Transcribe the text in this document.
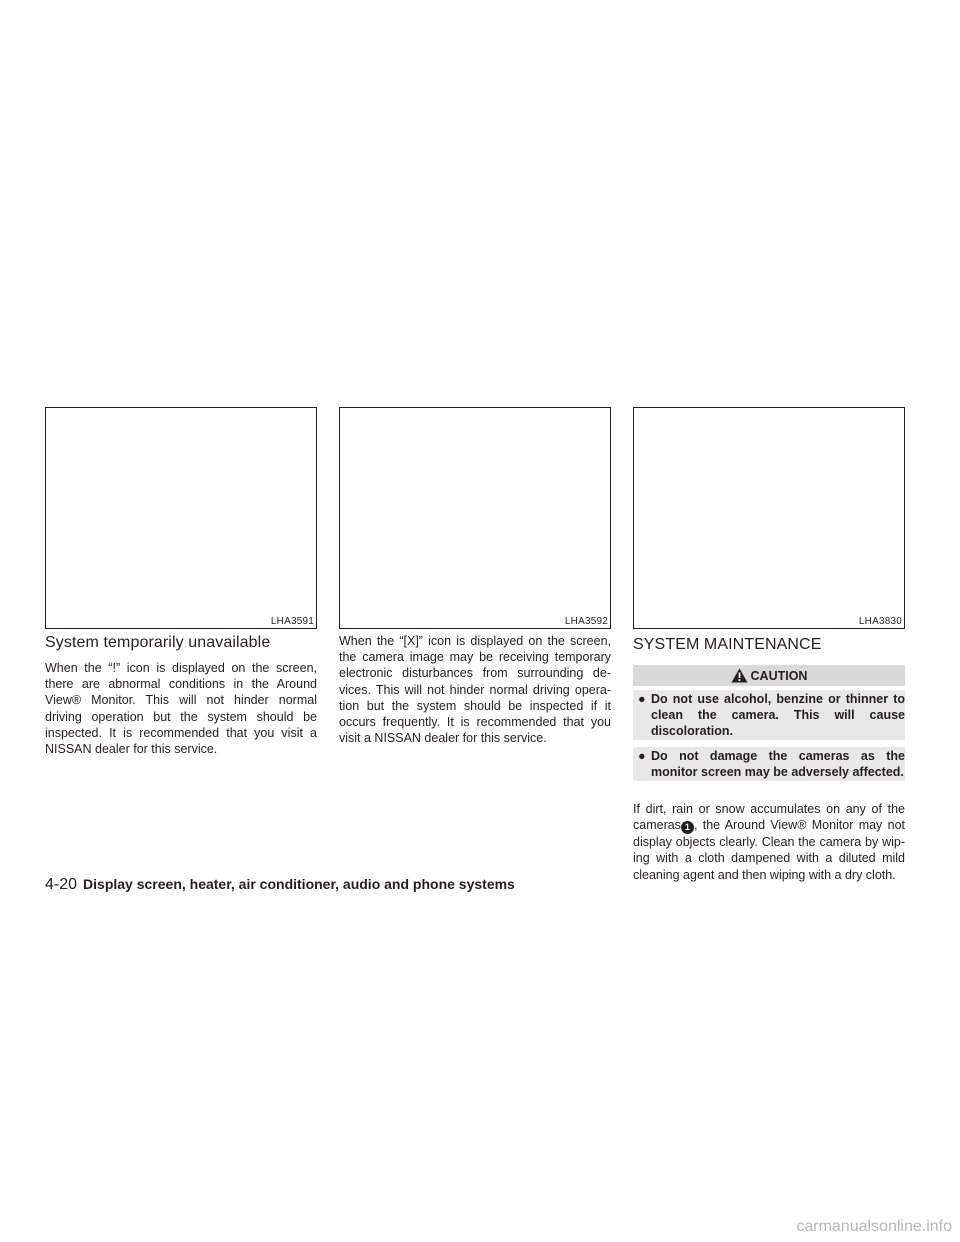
LHA3591	LHA3592	LHA3830
System temporarily unavailable

When the “!” icon is displayed on the screen, there are abnormal conditions in the Around View® Monitor. This will not hinder normal driving operation but the system should be inspected. It is recommended that you visit a NISSAN dealer for this service.

When the “[X]” icon is displayed on the screen, the camera image may be receiving temporary electronic disturbances from surrounding de-vices. This will not hinder normal driving opera-tion but the system should be inspected if it occurs frequently. It is recommended that you visit a NISSAN dealer for this service.

SYSTEM MAINTENANCE
CAUTION
● Do not use alcohol, benzine or thinner to clean the camera. This will cause discoloration.
● Do not damage the cameras as the monitor screen may be adversely affected.

If dirt, rain or snow accumulates on any of the cameras 1 , the Around View® Monitor may not display objects clearly. Clean the camera by wip-ing with a cloth dampened with a diluted mild cleaning agent and then wiping with a dry cloth.

4-20 Display screen, heater, air conditioner, audio and phone systems
carmanualsonline.info
